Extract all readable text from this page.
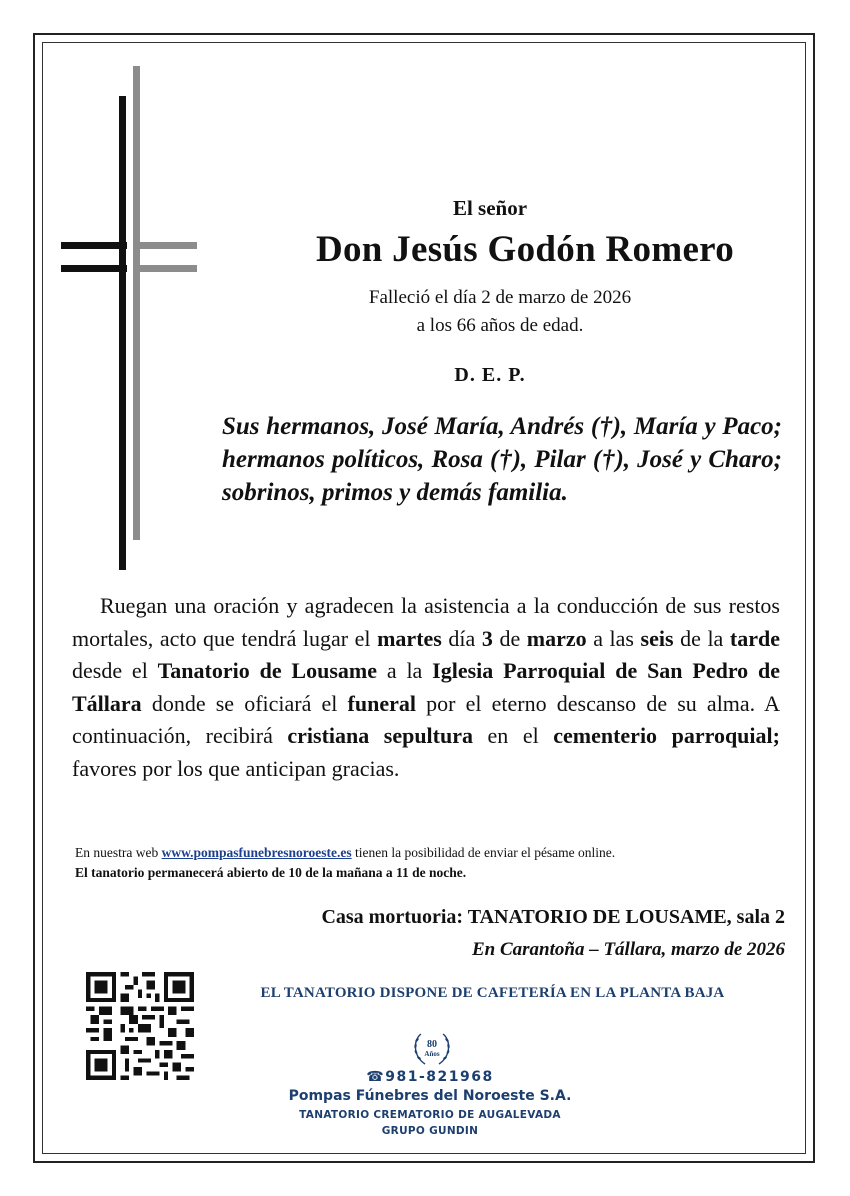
El señor
Don Jesús Godón Romero
Falleció el día 2 de marzo de 2026
a los 66 años de edad.
D. E. P.

Sus hermanos, José María, Andrés (†), María y Paco; hermanos políticos, Rosa (†), Pilar (†), José y Charo; sobrinos, primos y demás familia.

Ruegan una oración y agradecen la asistencia a la conducción de sus restos mortales, acto que tendrá lugar el martes día 3 de marzo a las seis de la tarde desde el Tanatorio de Lousame a la Iglesia Parroquial de San Pedro de Tállara donde se oficiará el funeral por el eterno descanso de su alma. A continuación, recibirá cristiana sepultura en el cementerio parroquial; favores por los que anticipan gracias.
En nuestra web www.pompasfunebresnoroeste.es tienen la posibilidad de enviar el pésame online.
El tanatorio permanecerá abierto de 10 de la mañana a 11 de noche.
Casa mortuoria: TANATORIO DE LOUSAME, sala 2
En Carantoña – Tállara, marzo de 2026
EL TANATORIO DISPONE DE CAFETERÍA EN LA PLANTA BAJA
80
Años
☎981-821968
Pompas Fúnebres del Noroeste S.A.
TANATORIO CREMATORIO DE AUGALEVADA
GRUPO GUNDIN
